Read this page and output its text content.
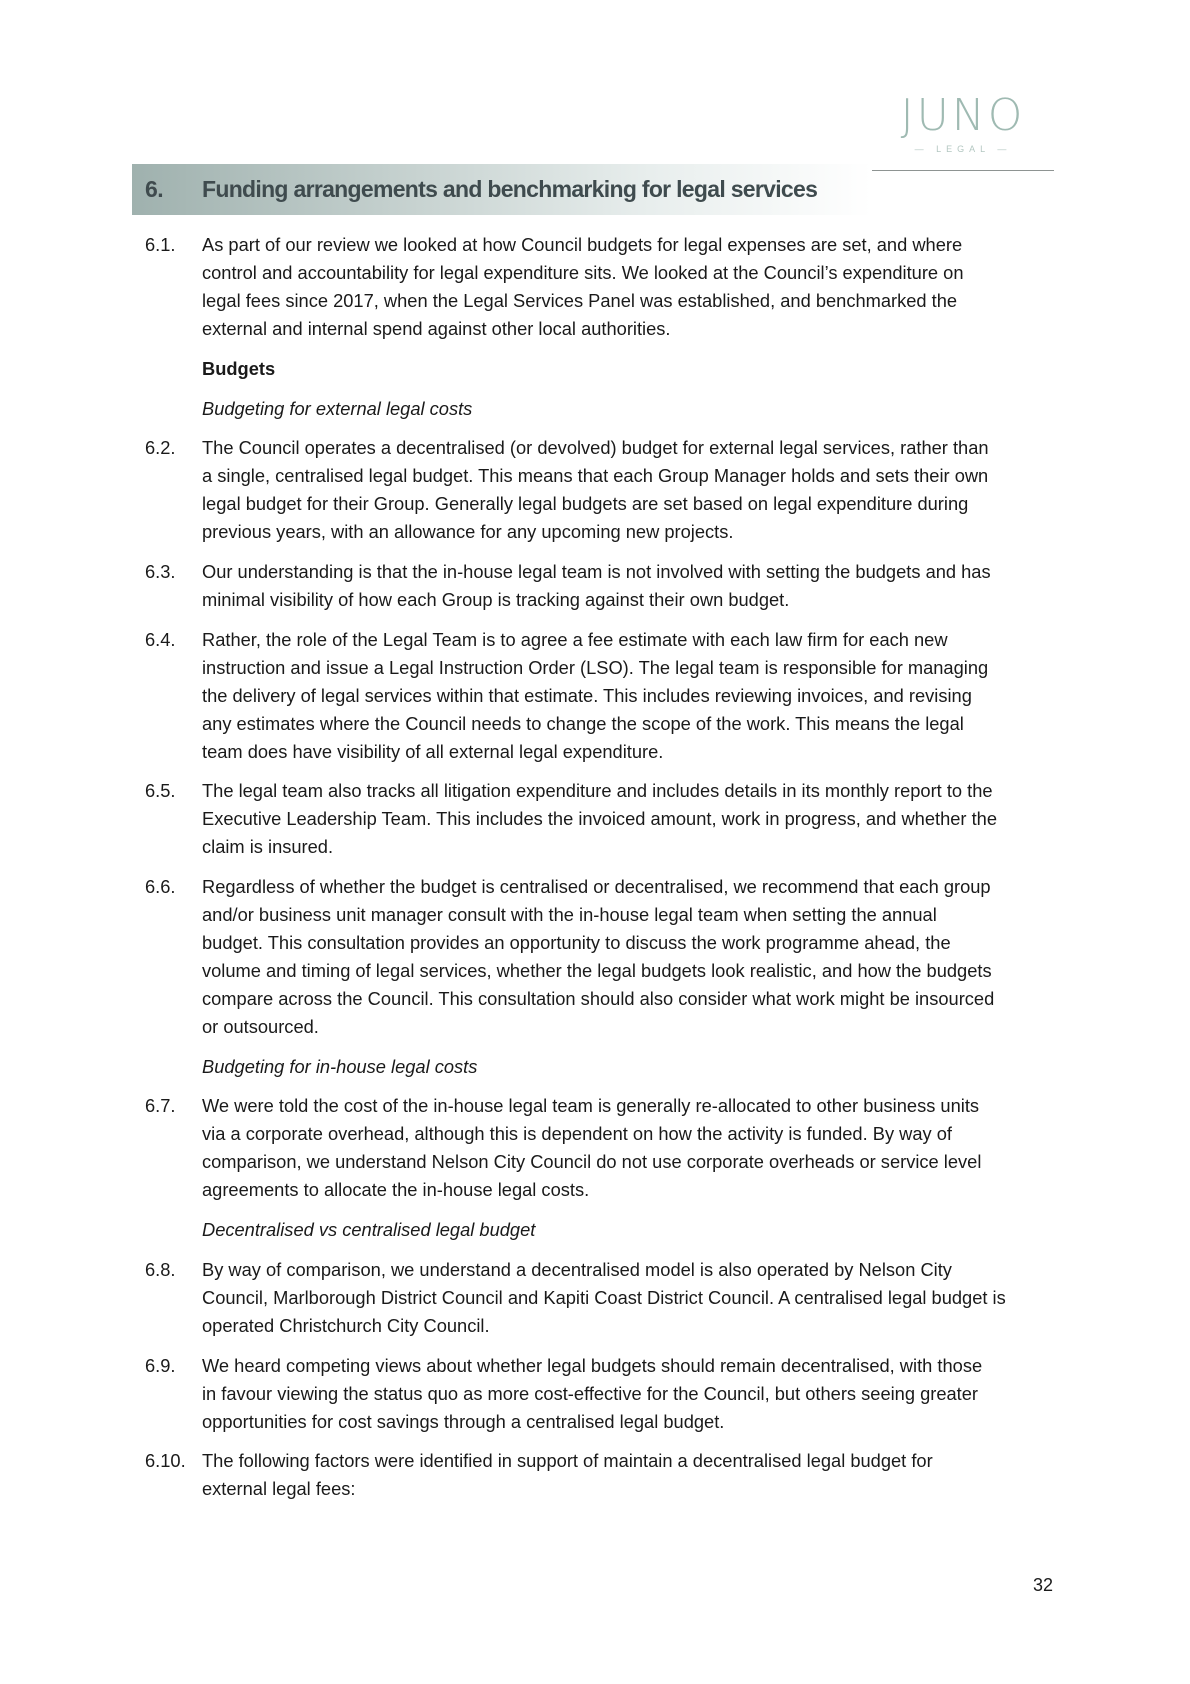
JUNO
— LEGAL —
6. Funding arrangements and benchmarking for legal services
6.1. As part of our review we looked at how Council budgets for legal expenses are set, and where
control and accountability for legal expenditure sits. We looked at the Council’s expenditure on
legal fees since 2017, when the Legal Services Panel was established, and benchmarked the
external and internal spend against other local authorities.
Budgets
Budgeting for external legal costs
6.2. The Council operates a decentralised (or devolved) budget for external legal services, rather than
a single, centralised legal budget. This means that each Group Manager holds and sets their own
legal budget for their Group. Generally legal budgets are set based on legal expenditure during
previous years, with an allowance for any upcoming new projects.
6.3. Our understanding is that the in-house legal team is not involved with setting the budgets and has
minimal visibility of how each Group is tracking against their own budget.
6.4. Rather, the role of the Legal Team is to agree a fee estimate with each law firm for each new
instruction and issue a Legal Instruction Order (LSO). The legal team is responsible for managing
the delivery of legal services within that estimate. This includes reviewing invoices, and revising
any estimates where the Council needs to change the scope of the work. This means the legal
team does have visibility of all external legal expenditure.
6.5. The legal team also tracks all litigation expenditure and includes details in its monthly report to the
Executive Leadership Team. This includes the invoiced amount, work in progress, and whether the
claim is insured.
6.6. Regardless of whether the budget is centralised or decentralised, we recommend that each group
and/or business unit manager consult with the in-house legal team when setting the annual
budget. This consultation provides an opportunity to discuss the work programme ahead, the
volume and timing of legal services, whether the legal budgets look realistic, and how the budgets
compare across the Council. This consultation should also consider what work might be insourced
or outsourced.
Budgeting for in-house legal costs
6.7. We were told the cost of the in-house legal team is generally re-allocated to other business units
via a corporate overhead, although this is dependent on how the activity is funded. By way of
comparison, we understand Nelson City Council do not use corporate overheads or service level
agreements to allocate the in-house legal costs.
Decentralised vs centralised legal budget
6.8. By way of comparison, we understand a decentralised model is also operated by Nelson City
Council, Marlborough District Council and Kapiti Coast District Council. A centralised legal budget is
operated Christchurch City Council.
6.9. We heard competing views about whether legal budgets should remain decentralised, with those
in favour viewing the status quo as more cost-effective for the Council, but others seeing greater
opportunities for cost savings through a centralised legal budget.
6.10. The following factors were identified in support of maintain a decentralised legal budget for
external legal fees:
32
